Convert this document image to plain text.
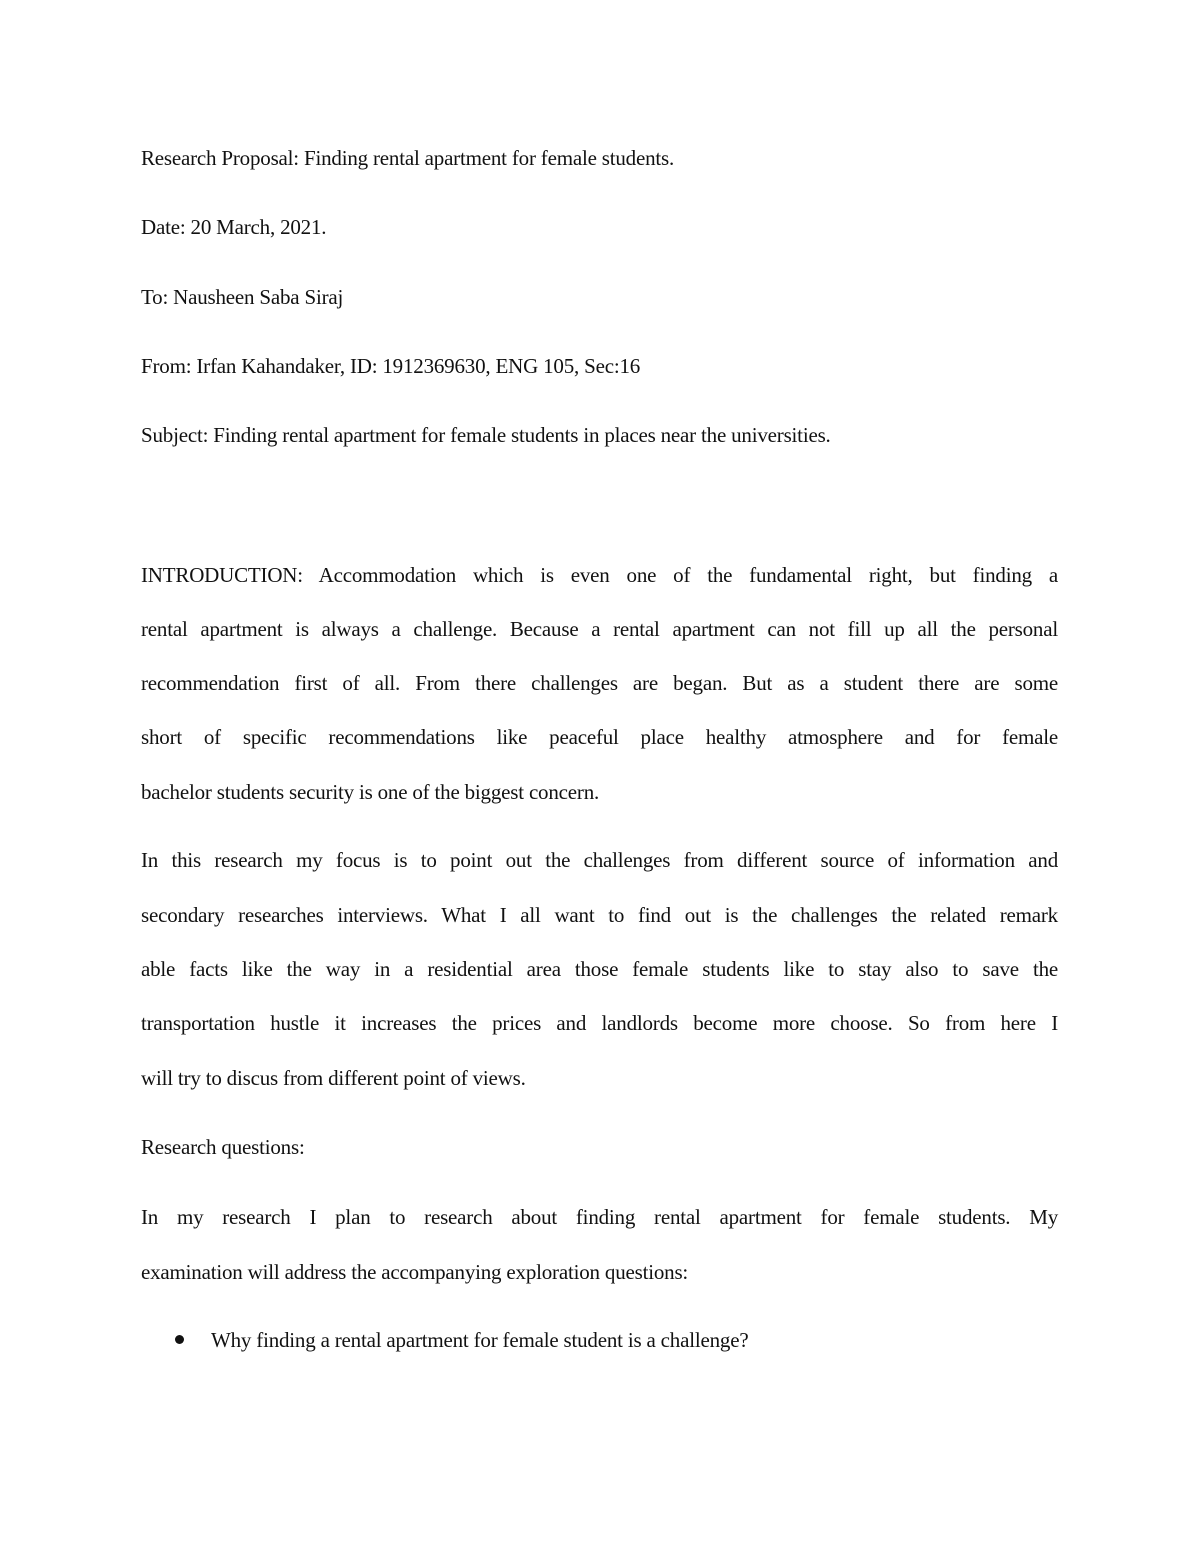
Research Proposal: Finding rental apartment for female students.
Date: 20 March, 2021.
To: Nausheen Saba Siraj
From: Irfan Kahandaker, ID: 1912369630, ENG 105, Sec:16
Subject: Finding rental apartment for female students in places near the universities.
INTRODUCTION: Accommodation which is even one of the fundamental right, but finding a
rental apartment is always a challenge. Because a rental apartment can not fill up all the personal
recommendation first of all. From there challenges are began. But as a student there are some
short of specific recommendations like peaceful place healthy atmosphere and for female
bachelor students security is one of the biggest concern.
In this research my focus is to point out the challenges from different source of information and
secondary researches interviews. What I all want to find out is the challenges the related remark
able facts like the way in a residential area those female students like to stay also to save the
transportation hustle it increases the prices and landlords become more choose. So from here I
will try to discus from different point of views.
Research questions:
In my research I plan to research about finding rental apartment for female students. My
examination will address the accompanying exploration questions:
Why finding a rental apartment for female student is a challenge?
